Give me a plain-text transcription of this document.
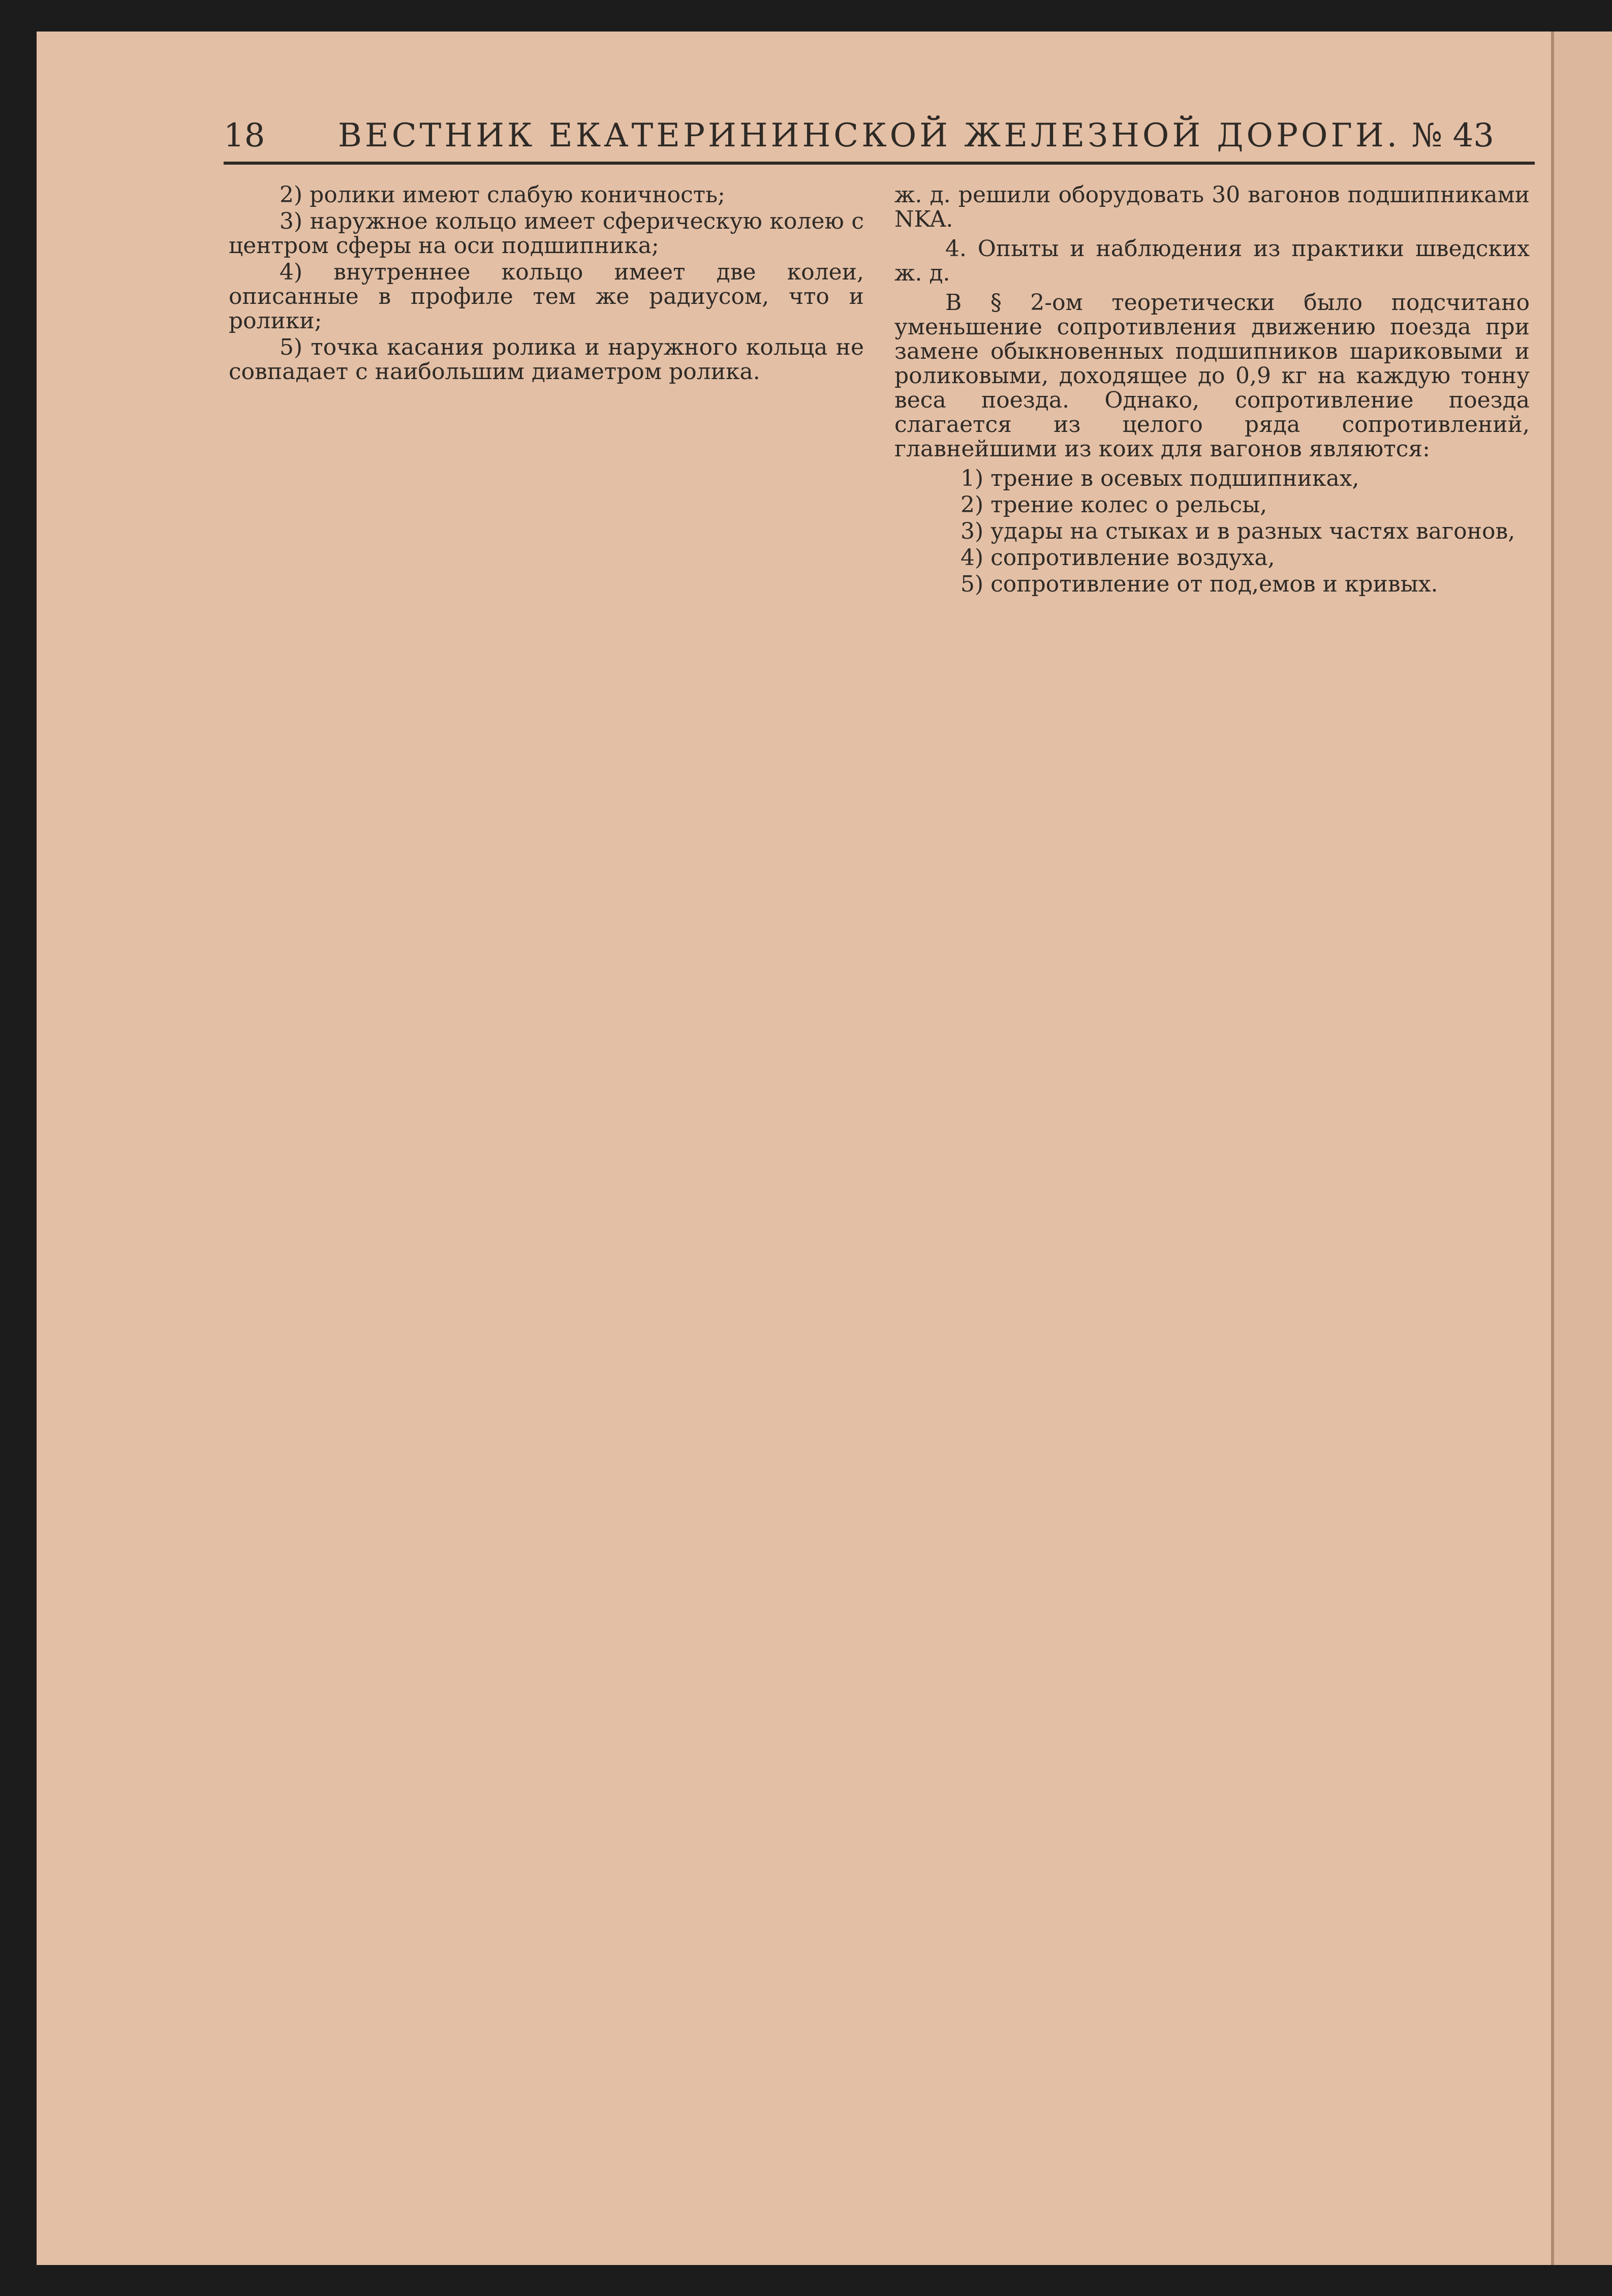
18	ВЕСТНИК ЕКАТЕРИНИНСКОЙ ЖЕЛЕЗНОЙ ДОРОГИ. № 43

2) ролики имеют слабую коничность;

3) наружное кольцо имеет сферическую колею с центром сферы на оси подшипника;

4) внутреннее кольцо имеет две колеи, описанные в профиле тем же радиусом, что и ролики;

5) точка касания ролика и наружного кольца не совпадает с наибольшим диаметром ролика.

ж. д. решили оборудовать 30 вагонов подшипниками NKA.

4. Опыты и наблюдения из практики шведских ж. д.

В § 2-ом теоретически было подсчитано уменьшение сопротивления движению поезда при замене обыкновенных подшипников шариковыми и роликовыми, доходящее до 0,9 кг на каждую тонну веса поезда. Однако, сопротивление поезда слагается из целого ряда сопротивлений, главнейшими из коих для вагонов являются:

1) трение в осевых подшипниках,

2) трение колес о рельсы,

3) удары на стыках и в разных частях вагонов,

4) сопротивление воздуха,

5) сопротивление от под,емов и кривых.
